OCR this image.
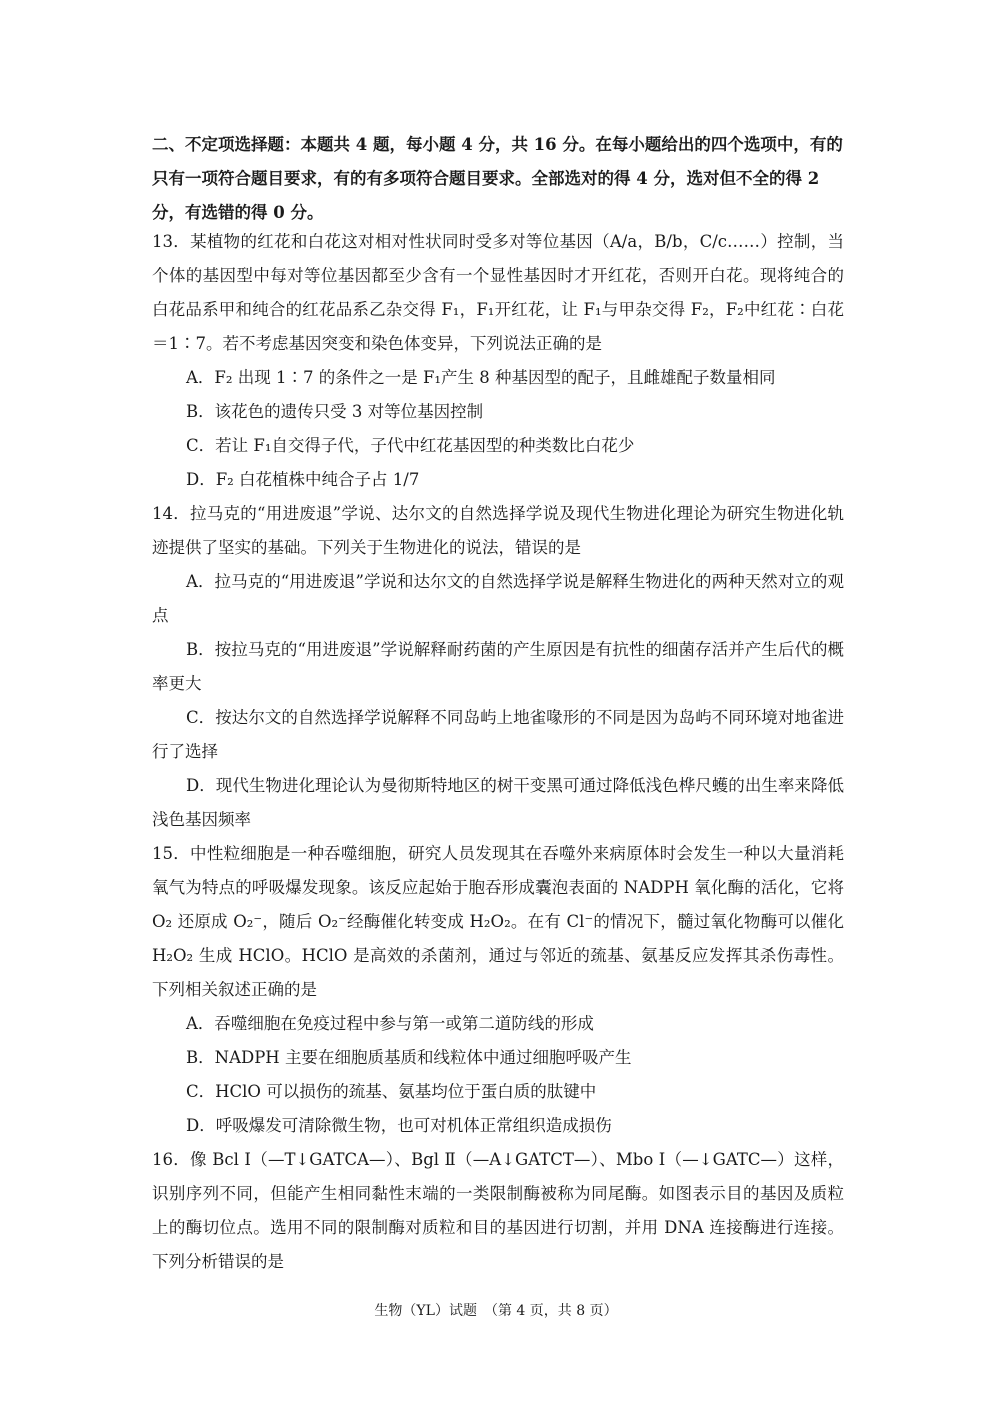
二、不定项选择题：本题共 4 题，每小题 4 分，共 16 分。在每小题给出的四个选项中，有的只有一项符合题目要求，有的有多项符合题目要求。全部选对的得 4 分，选对但不全的得 2 分，有选错的得 0 分。

13．某植物的红花和白花这对相对性状同时受多对等位基因（A/a，B/b，C/c……）控制，当个体的基因型中每对等位基因都至少含有一个显性基因时才开红花，否则开白花。现将纯合的白花品系甲和纯合的红花品系乙杂交得 F₁，F₁开红花，让 F₁与甲杂交得 F₂，F₂中红花∶白花＝1∶7。若不考虑基因突变和染色体变异，下列说法正确的是

A．F₂ 出现 1∶7 的条件之一是 F₁产生 8 种基因型的配子，且雌雄配子数量相同

B．该花色的遗传只受 3 对等位基因控制

C．若让 F₁自交得子代，子代中红花基因型的种类数比白花少

D．F₂ 白花植株中纯合子占 1/7

14．拉马克的“用进废退”学说、达尔文的自然选择学说及现代生物进化理论为研究生物进化轨迹提供了坚实的基础。下列关于生物进化的说法，错误的是

A．拉马克的“用进废退”学说和达尔文的自然选择学说是解释生物进化的两种天然对立的观点

B．按拉马克的“用进废退”学说解释耐药菌的产生原因是有抗性的细菌存活并产生后代的概率更大

C．按达尔文的自然选择学说解释不同岛屿上地雀喙形的不同是因为岛屿不同环境对地雀进行了选择

D．现代生物进化理论认为曼彻斯特地区的树干变黑可通过降低浅色桦尺蠖的出生率来降低浅色基因频率

15．中性粒细胞是一种吞噬细胞，研究人员发现其在吞噬外来病原体时会发生一种以大量消耗氧气为特点的呼吸爆发现象。该反应起始于胞吞形成囊泡表面的 NADPH 氧化酶的活化，它将 O₂ 还原成 O₂⁻，随后 O₂⁻经酶催化转变成 H₂O₂。在有 Cl⁻的情况下，髓过氧化物酶可以催化 H₂O₂ 生成 HClO。HClO 是高效的杀菌剂，通过与邻近的巯基、氨基反应发挥其杀伤毒性。下列相关叙述正确的是

A．吞噬细胞在免疫过程中参与第一或第二道防线的形成

B．NADPH 主要在细胞质基质和线粒体中通过细胞呼吸产生

C．HClO 可以损伤的巯基、氨基均位于蛋白质的肽键中

D．呼吸爆发可清除微生物，也可对机体正常组织造成损伤

16．像 Bcl Ⅰ（—T↓GATCA—）、Bgl Ⅱ（—A↓GATCT—）、Mbo Ⅰ（—↓GATC—）这样，识别序列不同，但能产生相同黏性末端的一类限制酶被称为同尾酶。如图表示目的基因及质粒上的酶切位点。选用不同的限制酶对质粒和目的基因进行切割，并用 DNA 连接酶进行连接。下列分析错误的是

生物（YL）试题　（第 4 页，共 8 页）
